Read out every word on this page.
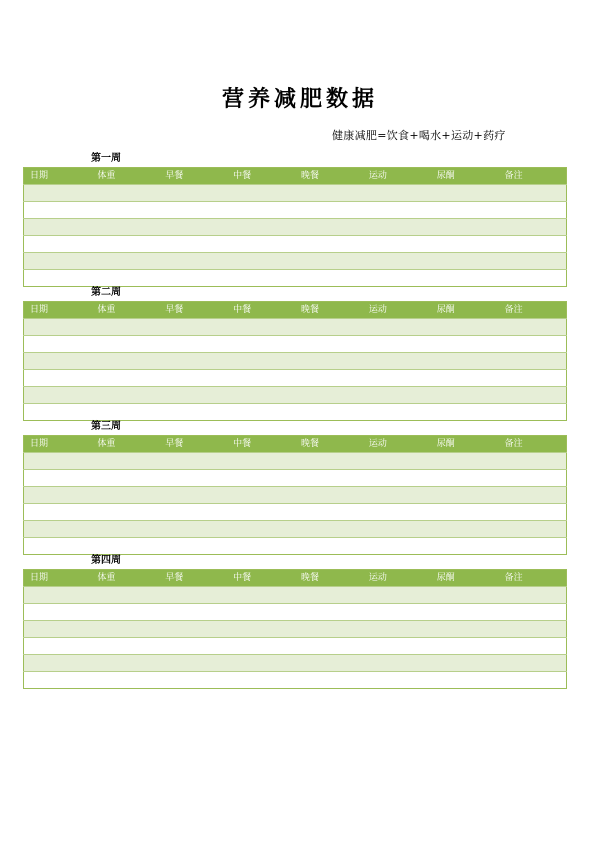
营养减肥数据
健康减肥=饮食+喝水+运动+药疗
第一周
日期	体重	早餐	中餐	晚餐	运动	尿酮	备注

第二周
日期	体重	早餐	中餐	晚餐	运动	尿酮	备注

第三周
日期	体重	早餐	中餐	晚餐	运动	尿酮	备注

第四周
日期	体重	早餐	中餐	晚餐	运动	尿酮	备注
